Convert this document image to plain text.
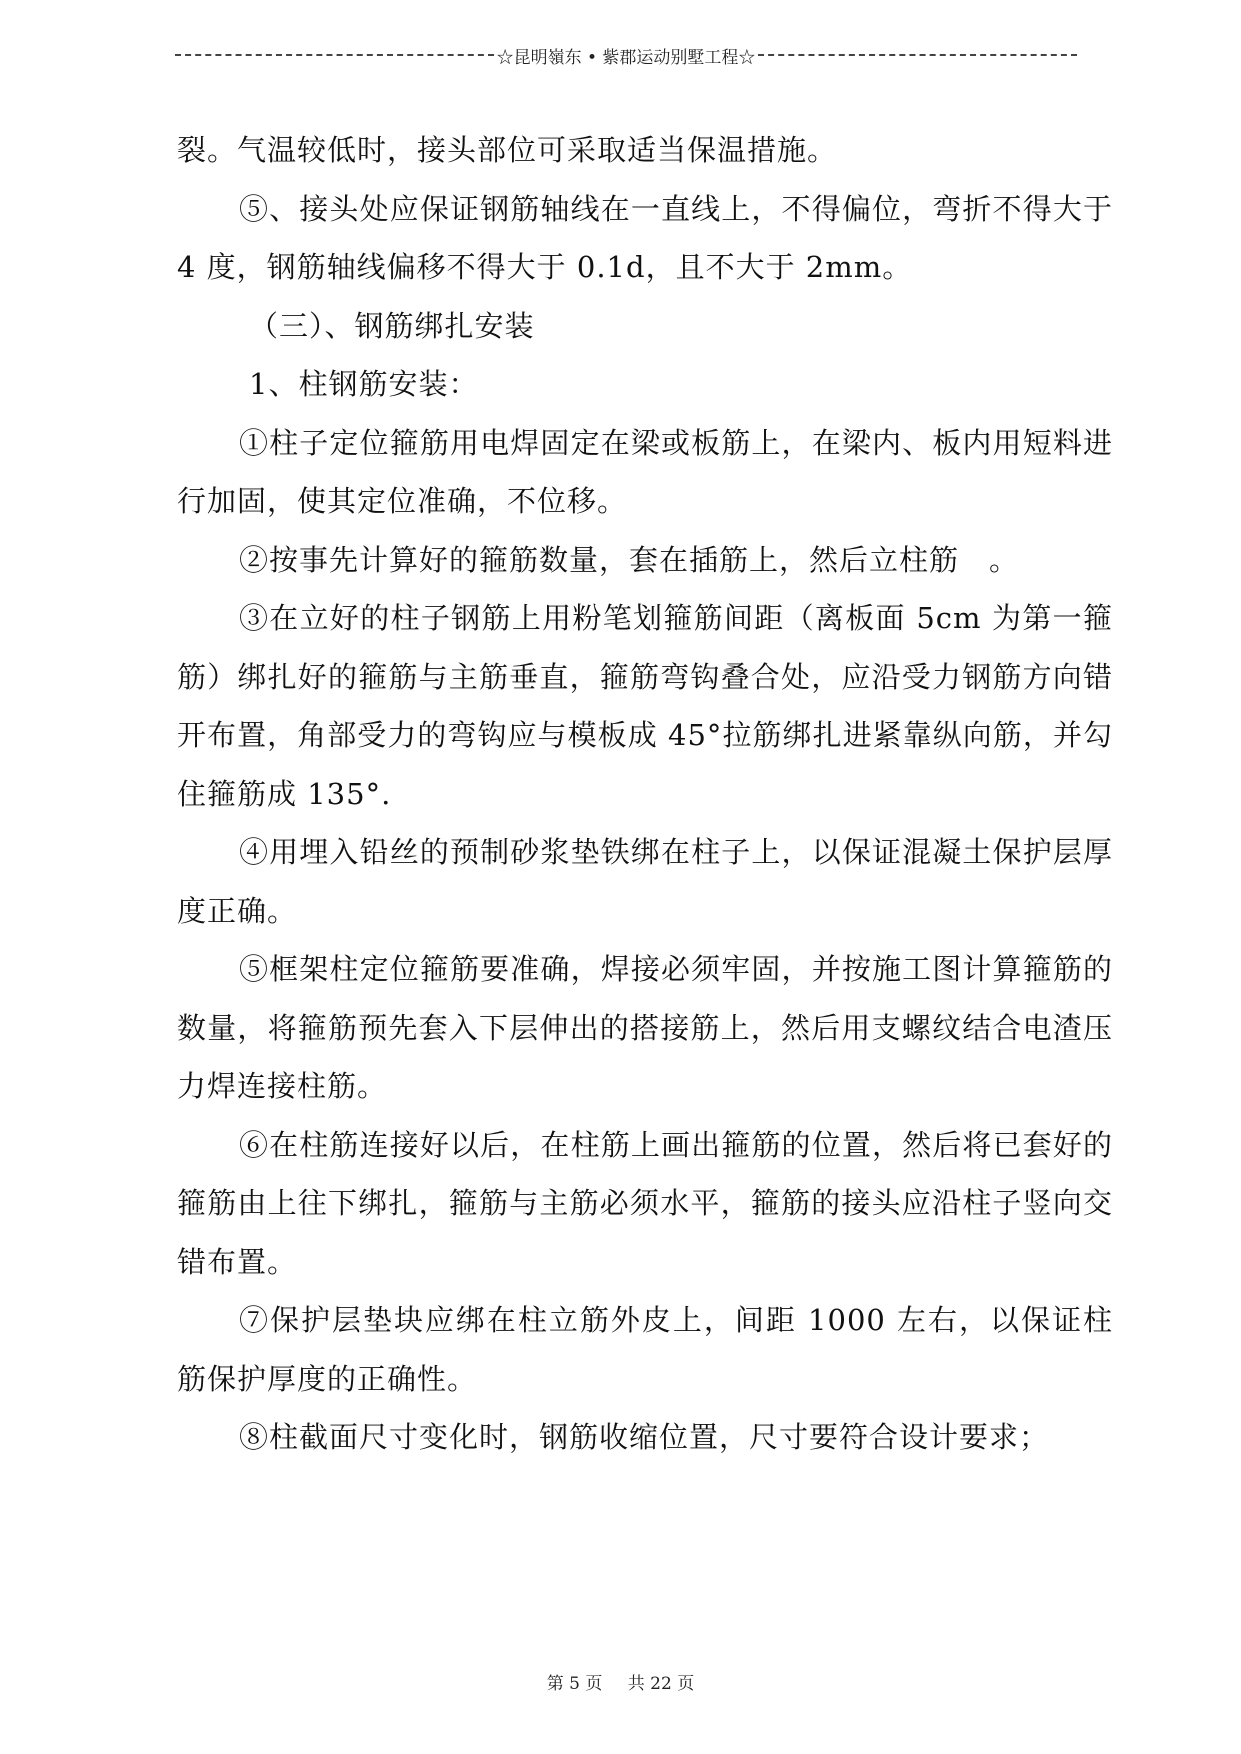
☆昆明嶺东 • 紫郡运动别墅工程☆

裂。气温较低时，接头部位可采取适当保温措施。

⑤、接头处应保证钢筋轴线在一直线上，不得偏位，弯折不得大于 4 度，钢筋轴线偏移不得大于 0.1d，且不大于 2mm。

（三）、钢筋绑扎安装

1、柱钢筋安装：

①柱子定位箍筋用电焊固定在梁或板筋上，在梁内、板内用短料进行加固，使其定位准确，不位移。

②按事先计算好的箍筋数量，套在插筋上，然后立柱筋　。

③在立好的柱子钢筋上用粉笔划箍筋间距（离板面 5cm 为第一箍筋）绑扎好的箍筋与主筋垂直，箍筋弯钩叠合处，应沿受力钢筋方向错开布置，角部受力的弯钩应与模板成 45°拉筋绑扎进紧靠纵向筋，并勾住箍筋成 135°.

④用埋入铅丝的预制砂浆垫铁绑在柱子上，以保证混凝土保护层厚度正确。

⑤框架柱定位箍筋要准确，焊接必须牢固，并按施工图计算箍筋的数量，将箍筋预先套入下层伸出的搭接筋上，然后用支螺纹结合电渣压力焊连接柱筋。

⑥在柱筋连接好以后，在柱筋上画出箍筋的位置，然后将已套好的箍筋由上往下绑扎，箍筋与主筋必须水平，箍筋的接头应沿柱子竖向交错布置。

⑦保护层垫块应绑在柱立筋外皮上，间距 1000 左右，以保证柱筋保护厚度的正确性。

⑧柱截面尺寸变化时，钢筋收缩位置，尺寸要符合设计要求；

第 5 页 共 22 页
